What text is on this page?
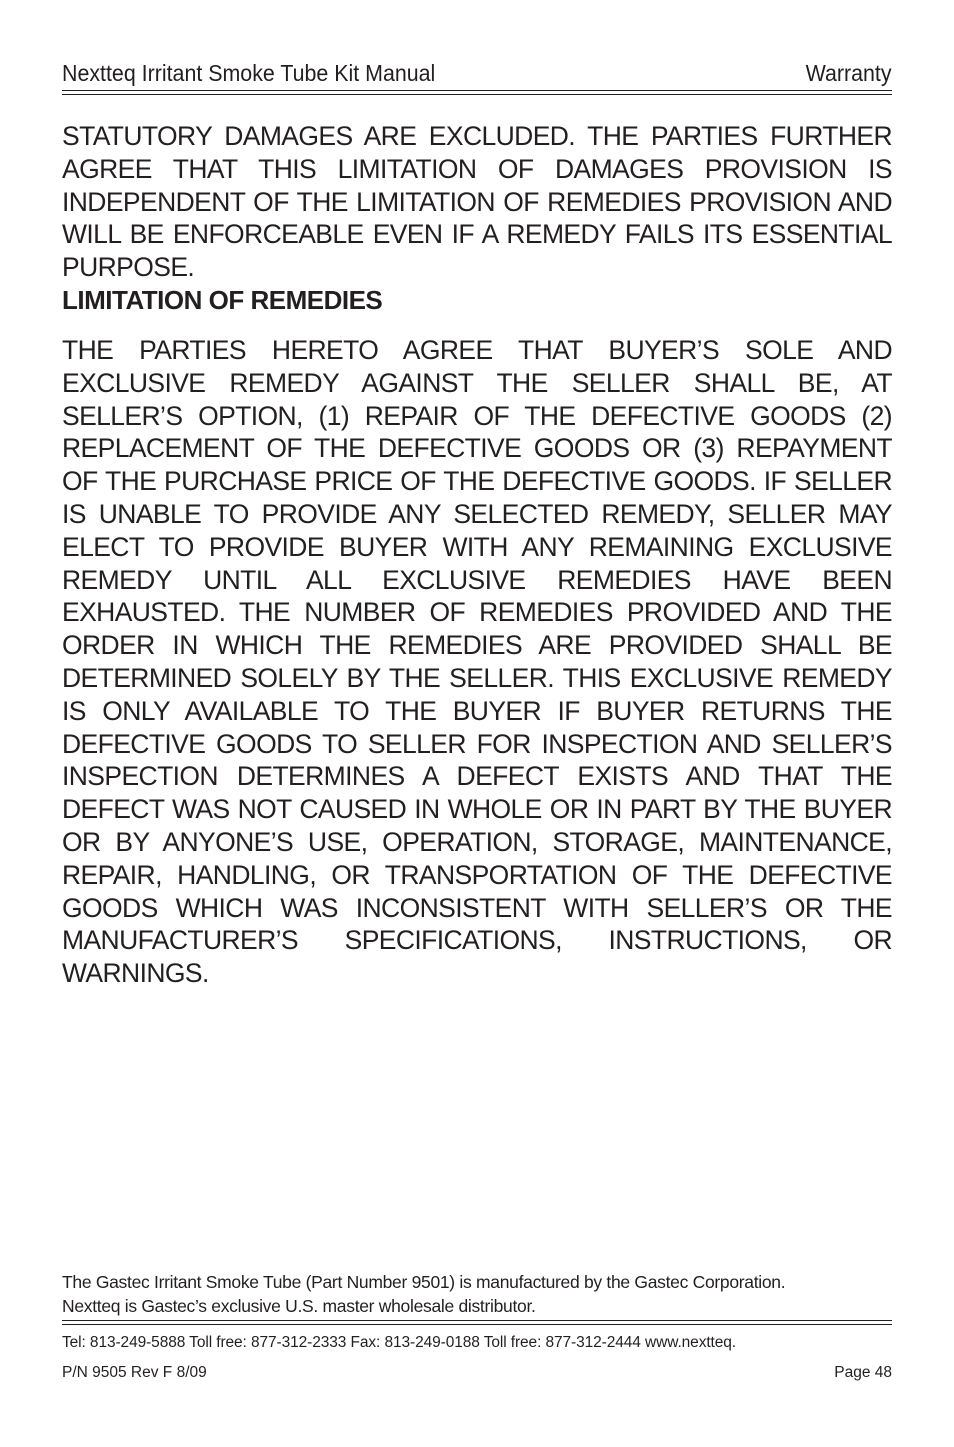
Nextteq Irritant Smoke Tube Kit Manual	Warranty

STATUTORY DAMAGES ARE EXCLUDED. THE PARTIES FURTHER AGREE THAT THIS LIMITATION OF DAMAGES PROVISION IS INDEPENDENT OF THE LIMITATION OF REMEDIES PROVISION AND WILL BE ENFORCEABLE EVEN IF A REMEDY FAILS ITS ESSENTIAL PURPOSE.

LIMITATION OF REMEDIES

THE PARTIES HERETO AGREE THAT BUYER’S SOLE AND EXCLUSIVE REMEDY AGAINST THE SELLER SHALL BE, AT SELLER’S OPTION, (1) REPAIR OF THE DEFECTIVE GOODS (2) REPLACEMENT OF THE DEFECTIVE GOODS OR (3) REPAYMENT OF THE PURCHASE PRICE OF THE DEFECTIVE GOODS. IF SELLER IS UNABLE TO PROVIDE ANY SELECTED REMEDY, SELLER MAY ELECT TO PROVIDE BUYER WITH ANY REMAINING EXCLUSIVE REMEDY UNTIL ALL EXCLUSIVE REMEDIES HAVE BEEN EXHAUSTED. THE NUMBER OF REMEDIES PROVIDED AND THE ORDER IN WHICH THE REMEDIES ARE PROVIDED SHALL BE DETERMINED SOLELY BY THE SELLER. THIS EXCLUSIVE REMEDY IS ONLY AVAILABLE TO THE BUYER IF BUYER RETURNS THE DEFECTIVE GOODS TO SELLER FOR INSPECTION AND SELLER’S INSPECTION DETERMINES A DEFECT EXISTS AND THAT THE DEFECT WAS NOT CAUSED IN WHOLE OR IN PART BY THE BUYER OR BY ANYONE’S USE, OPERATION, STORAGE, MAINTENANCE, REPAIR, HANDLING, OR TRANSPORTATION OF THE DEFECTIVE GOODS WHICH WAS INCONSISTENT WITH SELLER’S OR THE MANUFACTURER’S SPECIFICATIONS, INSTRUCTIONS, OR WARNINGS.

The Gastec Irritant Smoke Tube (Part Number 9501) is manufactured by the Gastec Corporation.
Nextteq is Gastec’s exclusive U.S. master wholesale distributor.
Tel: 813-249-5888 Toll free: 877-312-2333 Fax: 813-249-0188 Toll free: 877-312-2444 www.nextteq.
P/N 9505 Rev F 8/09	Page 48
